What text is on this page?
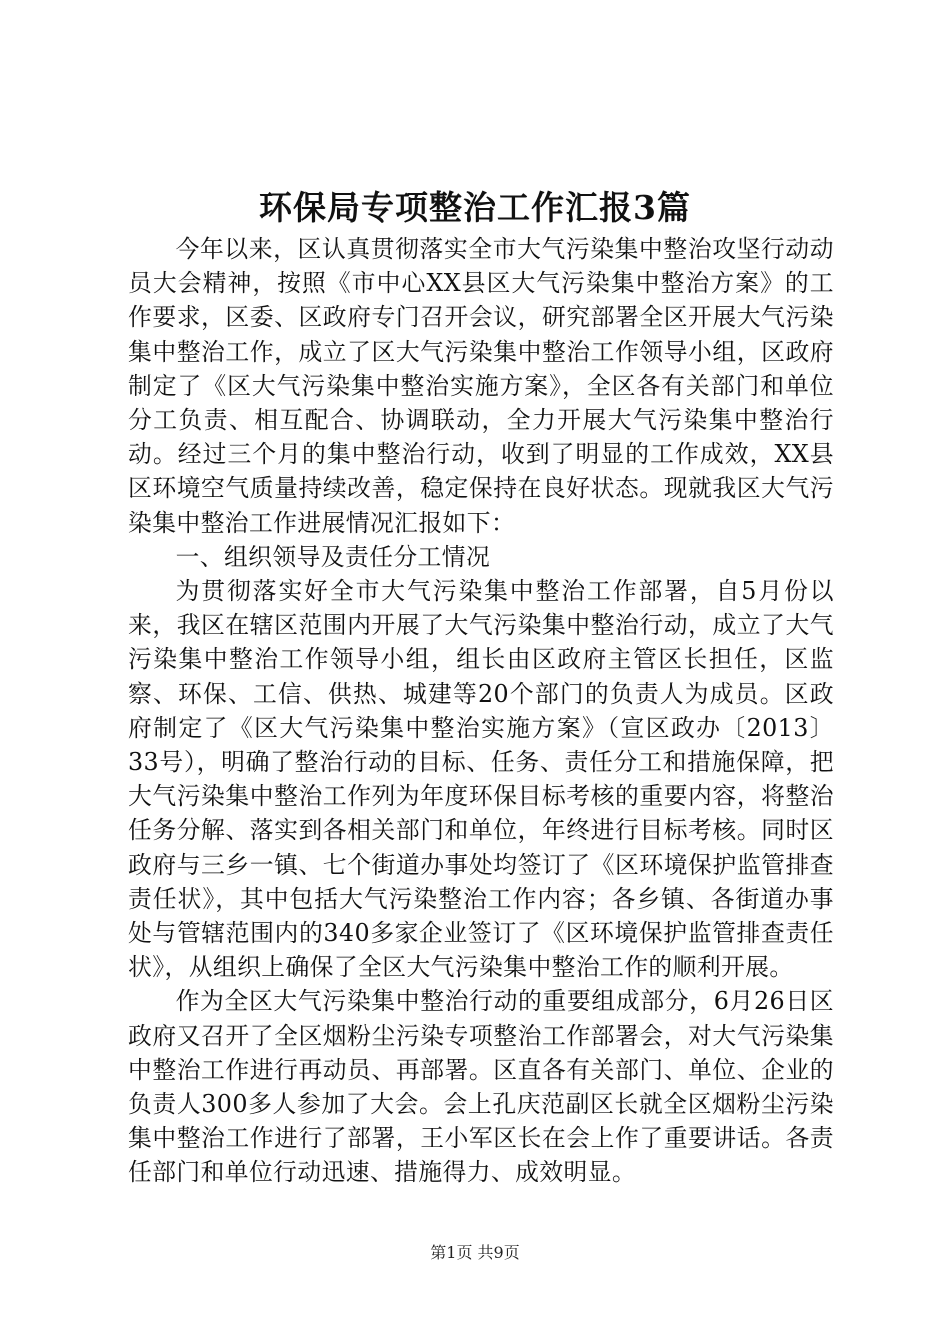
环保局专项整治工作汇报3篇

今年以来，区认真贯彻落实全市大气污染集中整治攻坚行动动员大会精神，按照《市中心XX县区大气污染集中整治方案》的工作要求，区委、区政府专门召开会议，研究部署全区开展大气污染集中整治工作，成立了区大气污染集中整治工作领导小组，区政府制定了《区大气污染集中整治实施方案》，全区各有关部门和单位分工负责、相互配合、协调联动，全力开展大气污染集中整治行动。经过三个月的集中整治行动，收到了明显的工作成效，XX县区环境空气质量持续改善，稳定保持在良好状态。现就我区大气污染集中整治工作进展情况汇报如下：

一、组织领导及责任分工情况

为贯彻落实好全市大气污染集中整治工作部署，自5月份以来，我区在辖区范围内开展了大气污染集中整治行动，成立了大气污染集中整治工作领导小组，组长由区政府主管区长担任，区监察、环保、工信、供热、城建等20个部门的负责人为成员。区政府制定了《区大气污染集中整治实施方案》（宣区政办〔2013〕33号），明确了整治行动的目标、任务、责任分工和措施保障，把大气污染集中整治工作列为年度环保目标考核的重要内容，将整治任务分解、落实到各相关部门和单位，年终进行目标考核。同时区政府与三乡一镇、七个街道办事处均签订了《区环境保护监管排查责任状》，其中包括大气污染整治工作内容；各乡镇、各街道办事处与管辖范围内的340多家企业签订了《区环境保护监管排查责任状》，从组织上确保了全区大气污染集中整治工作的顺利开展。

作为全区大气污染集中整治行动的重要组成部分，6月26日区政府又召开了全区烟粉尘污染专项整治工作部署会，对大气污染集中整治工作进行再动员、再部署。区直各有关部门、单位、企业的负责人300多人参加了大会。会上孔庆范副区长就全区烟粉尘污染集中整治工作进行了部署，王小军区长在会上作了重要讲话。各责任部门和单位行动迅速、措施得力、成效明显。

第1页 共9页
